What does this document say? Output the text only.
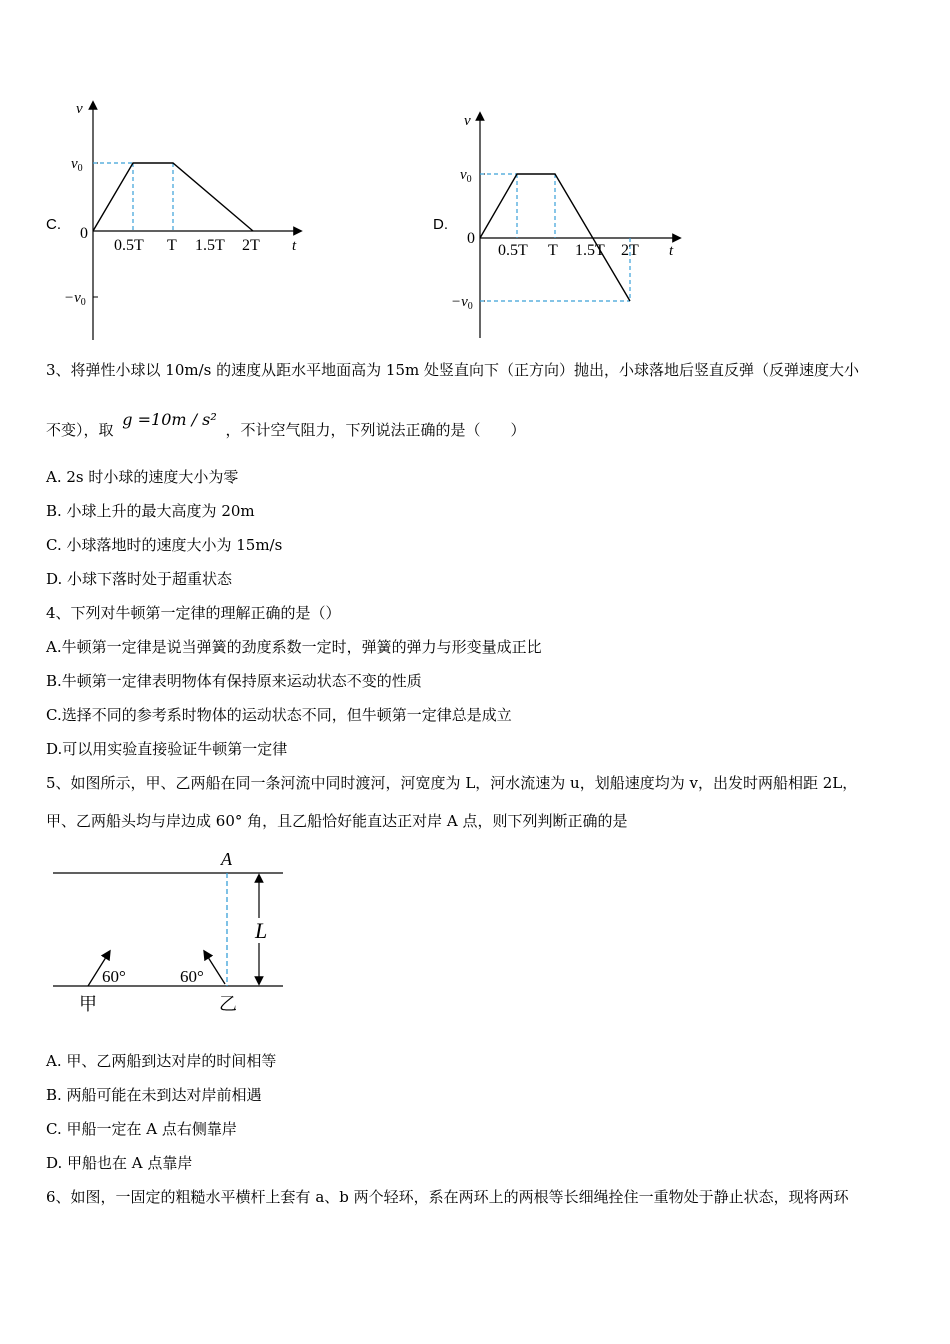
C.
v
t
0
$v_0$
$-v_0$
0.5T T 1.5T 2T
D.
v
t
0
$v_0$
$-v_0$
0.5T T 1.5T 2T
3、将弹性小球以 10m/s 的速度从距水平地面高为 15m 处竖直向下（正方向）抛出，小球落地后竖直反弹（反弹速度大小
不变），取 g =10m / s² ，不计空气阻力，下列说法正确的是（　　）
A. 2s 时小球的速度大小为零
B. 小球上升的最大高度为 20m
C. 小球落地时的速度大小为 15m/s
D. 小球下落时处于超重状态
4、下列对牛顿第一定律的理解正确的是（）
A.牛顿第一定律是说当弹簧的劲度系数一定时，弹簧的弹力与形变量成正比
B.牛顿第一定律表明物体有保持原来运动状态不变的性质
C.选择不同的参考系时物体的运动状态不同，但牛顿第一定律总是成立
D.可以用实验直接验证牛顿第一定律
5、如图所示，甲、乙两船在同一条河流中同时渡河，河宽度为 L，河水流速为 u，划船速度均为 v，出发时两船相距 2L，
甲、乙两船头均与岸边成 60° 角，且乙船恰好能直达正对岸 A 点，则下列判断正确的是
A
L
60°	60°
甲	乙
A. 甲、乙两船到达对岸的时间相等
B. 两船可能在未到达对岸前相遇
C. 甲船一定在 A 点右侧靠岸
D. 甲船也在 A 点靠岸
6、如图，一固定的粗糙水平横杆上套有 a、b 两个轻环，系在两环上的两根等长细绳拴住一重物处于静止状态，现将两环
